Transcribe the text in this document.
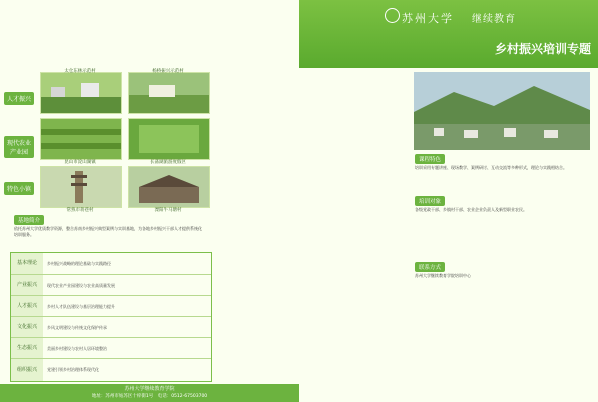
太仓东林示范村	杨桥振兴示范村
昆山市淀山湖镇	长荡湖旅游度假区
常熟市蒋巷村	溧阳牛马塘村
人才振兴
现代农业产业园
特色小镇
基地简介
依托苏州大学优质教学资源，整合苏南乡村振兴典型案例与实训基地，为各地乡村振兴干部人才提供系统化培训服务。
基本理论	乡村振兴战略的理论基础与实践路径
产业振兴	现代农业产业园建设与农业高质量发展
人才振兴	乡村人才队伍建设与基层治理能力提升
文化振兴	乡风文明建设与传统文化保护传承
生态振兴	美丽乡村建设与农村人居环境整治
组织振兴	党建引领乡村治理体系现代化
苏州大学继续教育学院
地址：苏州市姑苏区十梓街1号　电话：0512-67503700
苏州大学 继续教育
乡村振兴培训专题
课程特色
培训采用专题讲座、现场教学、案例研讨、互动交流等多种形式，理论与实践相结合。
培训对象
各级党政干部、乡镇村干部、农业企业负责人及新型职业农民。
联系方式
苏州大学继续教育学院培训中心
